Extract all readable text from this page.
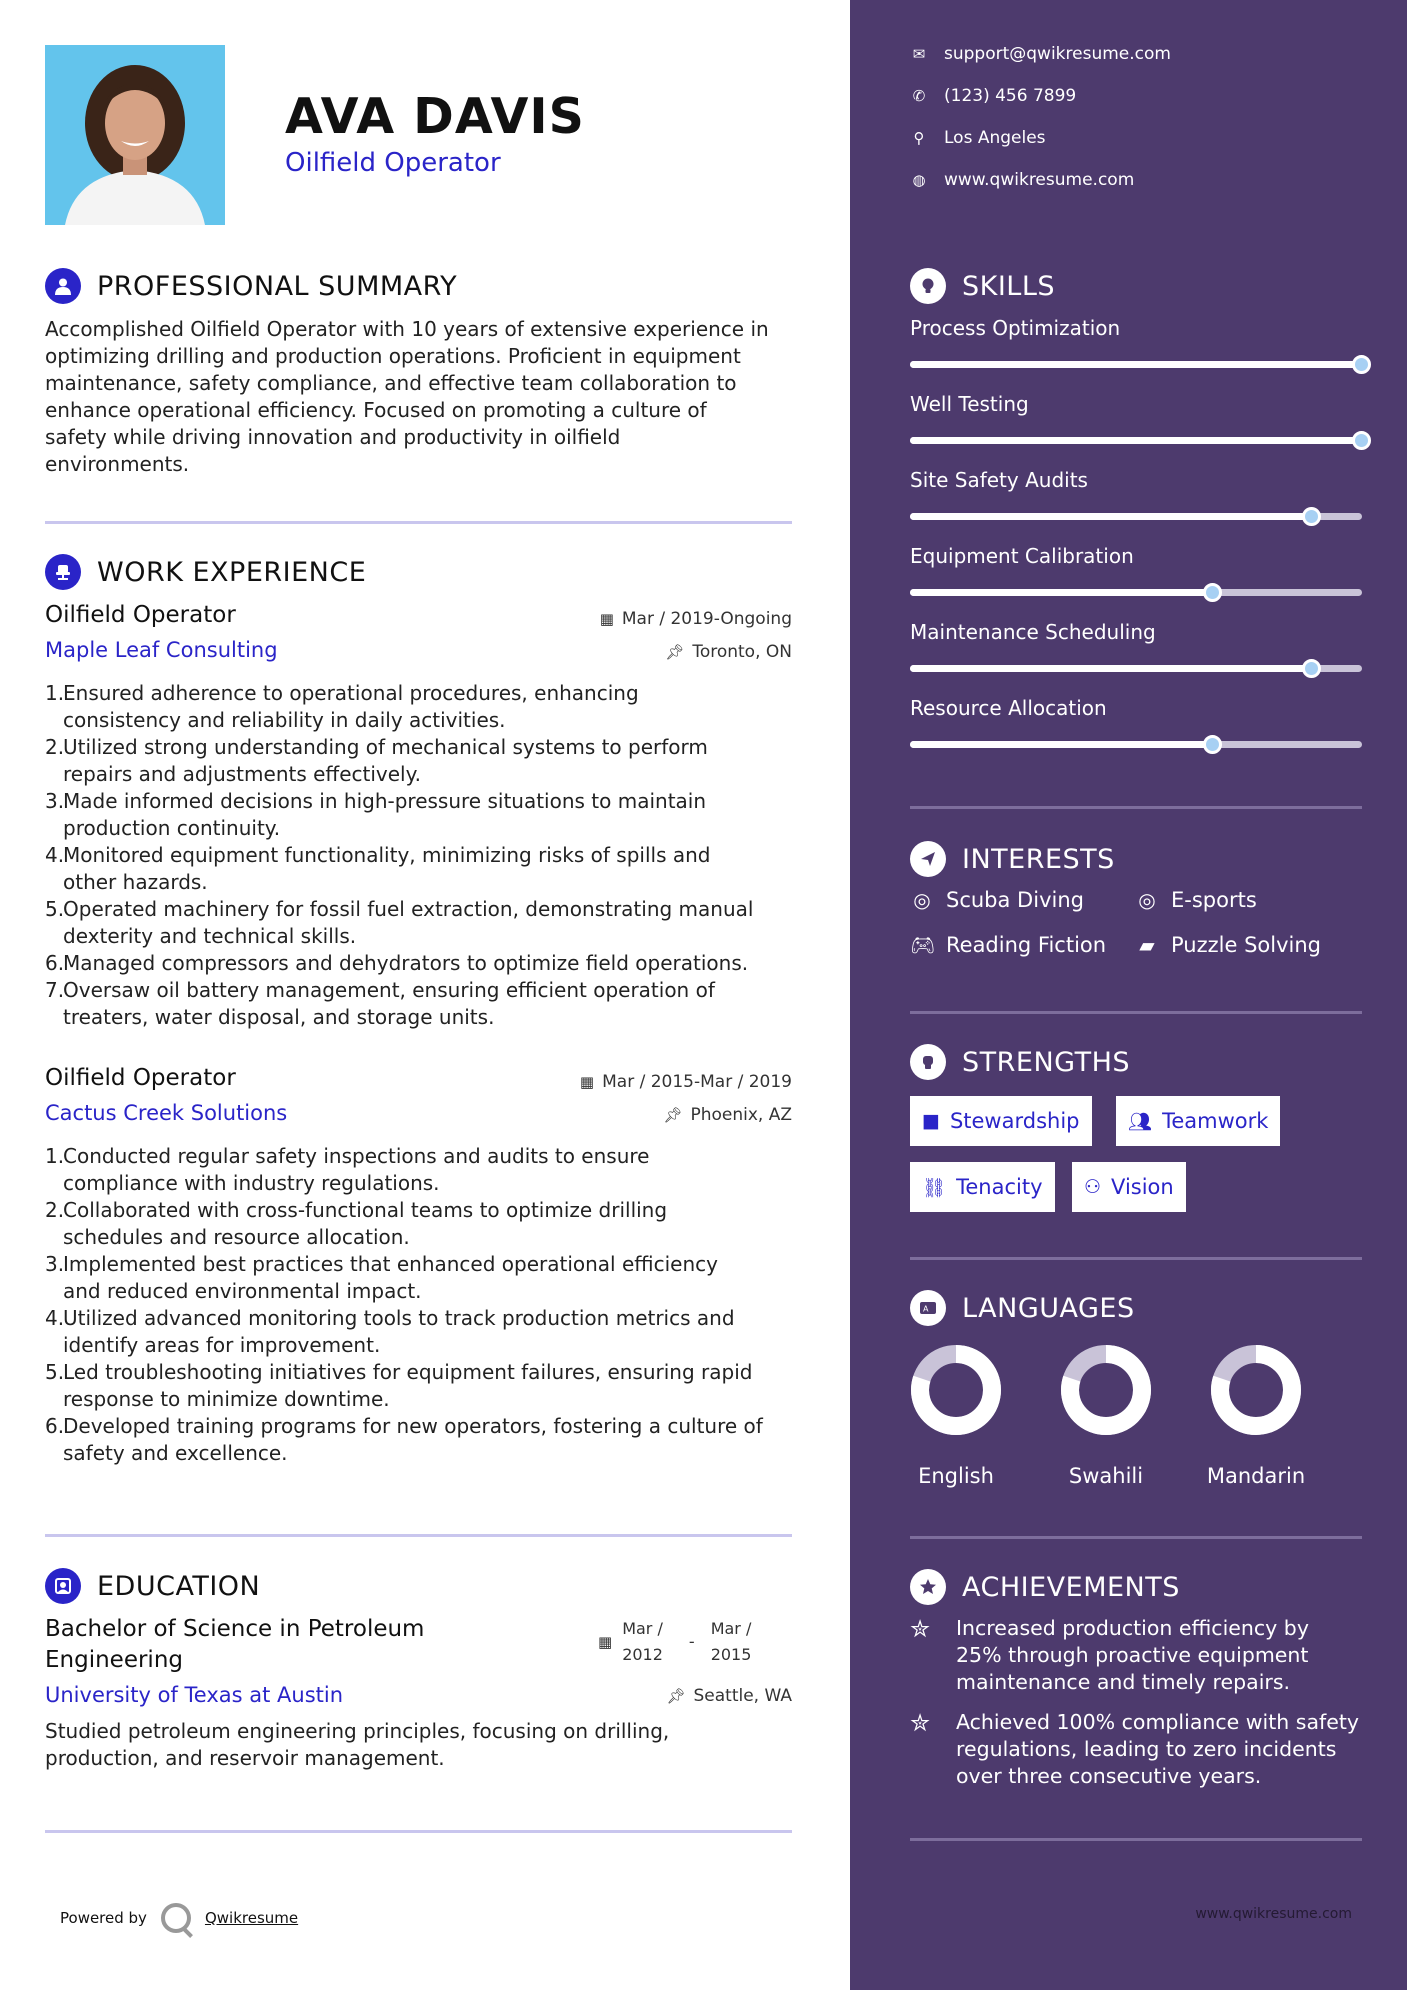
AVA DAVIS
Oilfield Operator
PROFESSIONAL SUMMARY
Accomplished Oilfield Operator with 10 years of extensive experience in
optimizing drilling and production operations. Proficient in equipment
maintenance, safety compliance, and effective team collaboration to
enhance operational efficiency. Focused on promoting a culture of
safety while driving innovation and productivity in oilfield
environments.
WORK EXPERIENCE
Oilfield Operator	▦ Mar / 2019-Ongoing
Maple Leaf Consulting	📌︎ Toronto, ON
1.
Ensured adherence to operational procedures, enhancing
consistency and reliability in daily activities.
2.
Utilized strong understanding of mechanical systems to perform
repairs and adjustments effectively.
3.
Made informed decisions in high-pressure situations to maintain
production continuity.
4.
Monitored equipment functionality, minimizing risks of spills and
other hazards.
5.
Operated machinery for fossil fuel extraction, demonstrating manual
dexterity and technical skills.
6.
Managed compressors and dehydrators to optimize field operations.
7.
Oversaw oil battery management, ensuring efficient operation of
treaters, water disposal, and storage units.
Oilfield Operator	▦ Mar / 2015-Mar / 2019
Cactus Creek Solutions	📌︎ Phoenix, AZ
1.
Conducted regular safety inspections and audits to ensure
compliance with industry regulations.
2.
Collaborated with cross-functional teams to optimize drilling
schedules and resource allocation.
3.
Implemented best practices that enhanced operational efficiency
and reduced environmental impact.
4.
Utilized advanced monitoring tools to track production metrics and
identify areas for improvement.
5.
Led troubleshooting initiatives for equipment failures, ensuring rapid
response to minimize downtime.
6.
Developed training programs for new operators, fostering a culture of
safety and excellence.
EDUCATION
Bachelor of Science in Petroleum
Engineering
▦
Mar /
2012
-
Mar /
2015
University of Texas at Austin	📌︎ Seattle, WA
Studied petroleum engineering principles, focusing on drilling,
production, and reservoir management.
Powered by	Qwikresume
✉ support@qwikresume.com
✆ (123) 456 7899
⚲ Los Angeles
◍ www.qwikresume.com
SKILLS
Process Optimization
Well Testing
Site Safety Audits
Equipment Calibration
Maintenance Scheduling
Resource Allocation
INTERESTS
◎ Scuba Diving	◎ E-sports
🎮︎ Reading Fiction ▰ Puzzle Solving
STRENGTHS
■ Stewardship	👥︎ Teamwork
⛓︎ Tenacity ⚇ Vision
A LANGUAGES
English	Swahili	Mandarin
ACHIEVEMENTS
✮	Increased production efficiency by
25% through proactive equipment
maintenance and timely repairs.
✮	Achieved 100% compliance with safety
regulations, leading to zero incidents
over three consecutive years.
www.qwikresume.com
